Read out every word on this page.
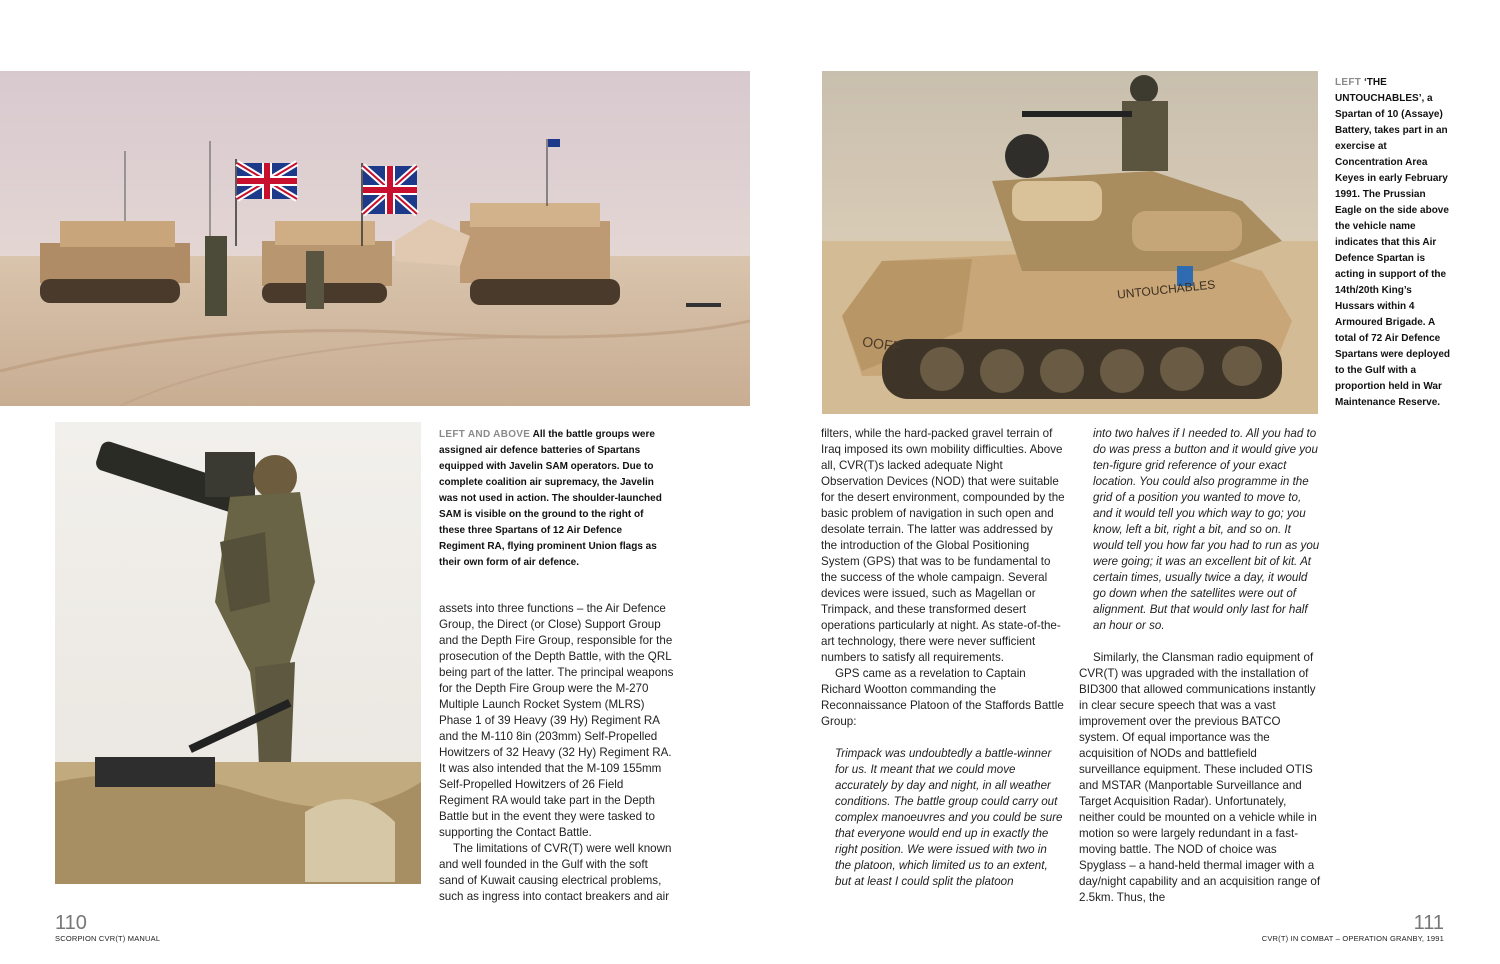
UNTOUCHABLES
OOFF
LEFT AND ABOVE All the battle groups were assigned air defence batteries of Spartans equipped with Javelin SAM operators. Due to complete coalition air supremacy, the Javelin was not used in action. The shoulder-launched SAM is visible on the ground to the right of these three Spartans of 12 Air Defence Regiment RA, flying prominent Union flags as their own form of air defence.

assets into three functions – the Air Defence Group, the Direct (or Close) Support Group and the Depth Fire Group, responsible for the prosecution of the Depth Battle, with the QRL being part of the latter. The principal weapons for the Depth Fire Group were the M-270 Multiple Launch Rocket System (MLRS) Phase 1 of 39 Heavy (39 Hy) Regiment RA and the M-110 8in (203mm) Self-Propelled Howitzers of 32 Heavy (32 Hy) Regiment RA. It was also intended that the M-109 155mm Self-Propelled Howitzers of 26 Field Regiment RA would take part in the Depth Battle but in the event they were tasked to supporting the Contact Battle.

The limitations of CVR(T) were well known and well founded in the Gulf with the soft sand of Kuwait causing electrical problems, such as ingress into contact breakers and air

filters, while the hard-packed gravel terrain of Iraq imposed its own mobility difficulties. Above all, CVR(T)s lacked adequate Night Observation Devices (NOD) that were suitable for the desert environment, compounded by the basic problem of navigation in such open and desolate terrain. The latter was addressed by the introduction of the Global Positioning System (GPS) that was to be fundamental to the success of the whole campaign. Several devices were issued, such as Magellan or Trimpack, and these transformed desert operations particularly at night. As state-of-the-art technology, there were never sufficient numbers to satisfy all requirements.

GPS came as a revelation to Captain Richard Wootton commanding the Reconnaissance Platoon of the Staffords Battle Group:

Trimpack was undoubtedly a battle-winner for us. It meant that we could move accurately by day and night, in all weather conditions. The battle group could carry out complex manoeuvres and you could be sure that everyone would end up in exactly the right position. We were issued with two in the platoon, which limited us to an extent, but at least I could split the platoon

into two halves if I needed to. All you had to do was press a button and it would give you ten-figure grid reference of your exact location. You could also programme in the grid of a position you wanted to move to, and it would tell you which way to go; you know, left a bit, right a bit, and so on. It would tell you how far you had to run as you were going; it was an excellent bit of kit. At certain times, usually twice a day, it would go down when the satellites were out of alignment. But that would only last for half an hour or so.

Similarly, the Clansman radio equipment of CVR(T) was upgraded with the installation of BID300 that allowed communications instantly in clear secure speech that was a vast improvement over the previous BATCO system. Of equal importance was the acquisition of NODs and battlefield surveillance equipment. These included OTIS and MSTAR (Manportable Surveillance and Target Acquisition Radar). Unfortunately, neither could be mounted on a vehicle while in motion so were largely redundant in a fast-moving battle. The NOD of choice was Spyglass – a hand-held thermal imager with a day/night capability and an acquisition range of 2.5km. Thus, the

LEFT ‘THE UNTOUCHABLES’, a Spartan of 10 (Assaye) Battery, takes part in an exercise at Concentration Area Keyes in early February 1991. The Prussian Eagle on the side above the vehicle name indicates that this Air Defence Spartan is acting in support of the 14th/20th King’s Hussars within 4 Armoured Brigade. A total of 72 Air Defence Spartans were deployed to the Gulf with a proportion held in War Maintenance Reserve.
110
SCORPION CVR(T) MANUAL
111
CVR(T) IN COMBAT – OPERATION GRANBY, 1991
